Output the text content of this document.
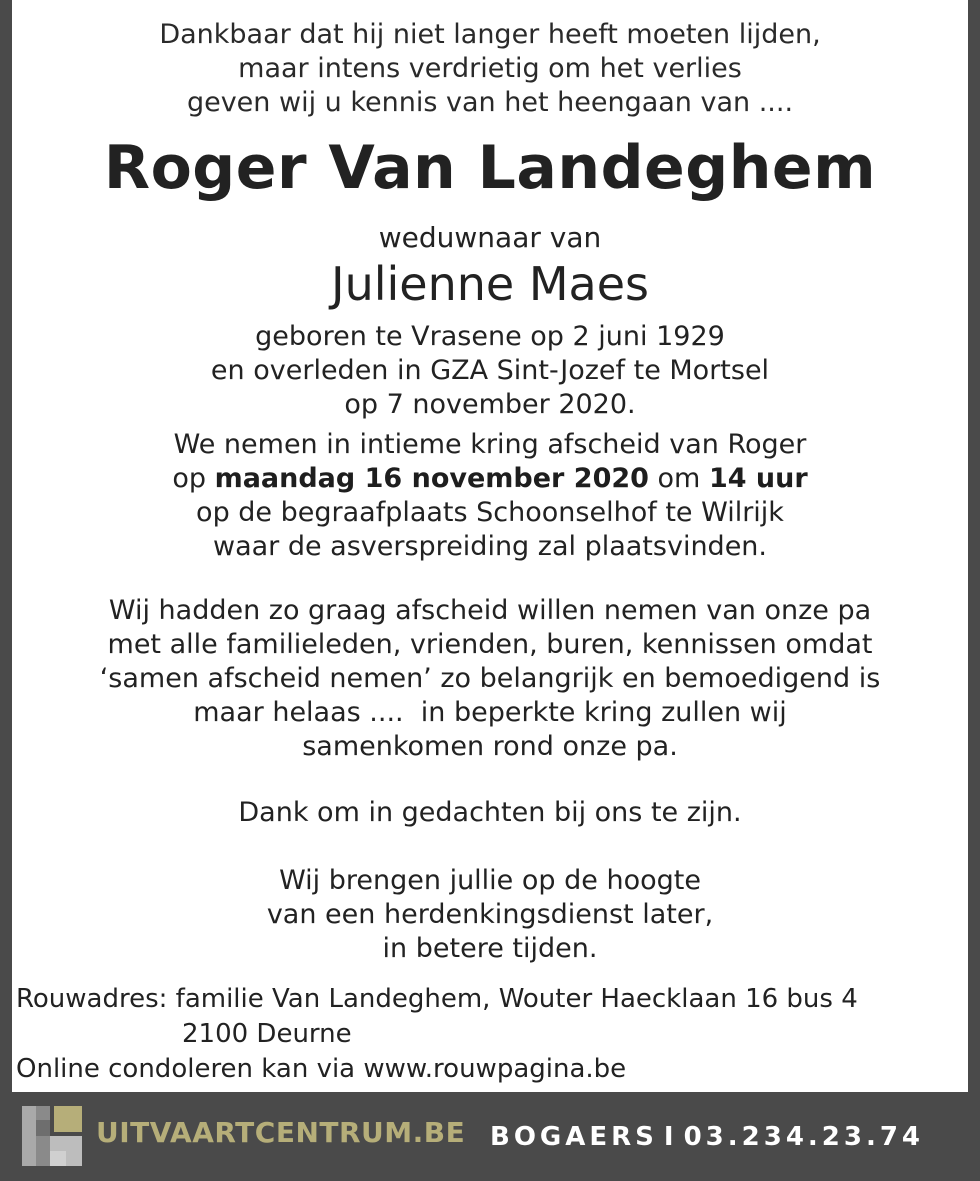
Dankbaar dat hij niet langer heeft moeten lijden,
maar intens verdrietig om het verlies
geven wij u kennis van het heengaan van ....
Roger Van Landeghem
weduwnaar van
Julienne Maes
geboren te Vrasene op 2 juni 1929
en overleden in GZA Sint-Jozef te Mortsel
op 7 november 2020.
We nemen in intieme kring afscheid van Roger
op maandag 16 november 2020 om 14 uur
op de begraafplaats Schoonselhof te Wilrijk
waar de asverspreiding zal plaatsvinden.
Wij hadden zo graag afscheid willen nemen van onze pa
met alle familieleden, vrienden, buren, kennissen omdat
‘samen afscheid nemen’ zo belangrijk en bemoedigend is
maar helaas ....  in beperkte kring zullen wij
samenkomen rond onze pa.
Dank om in gedachten bij ons te zijn.
Wij brengen jullie op de hoogte
van een herdenkingsdienst later,
in betere tijden.
Rouwadres: familie Van Landeghem, Wouter Haecklaan 16 bus 4
2100 Deurne
Online condoleren kan via www.rouwpagina.be
UITVAARTCENTRUM.BE BOGAERS I 03.234.23.74
